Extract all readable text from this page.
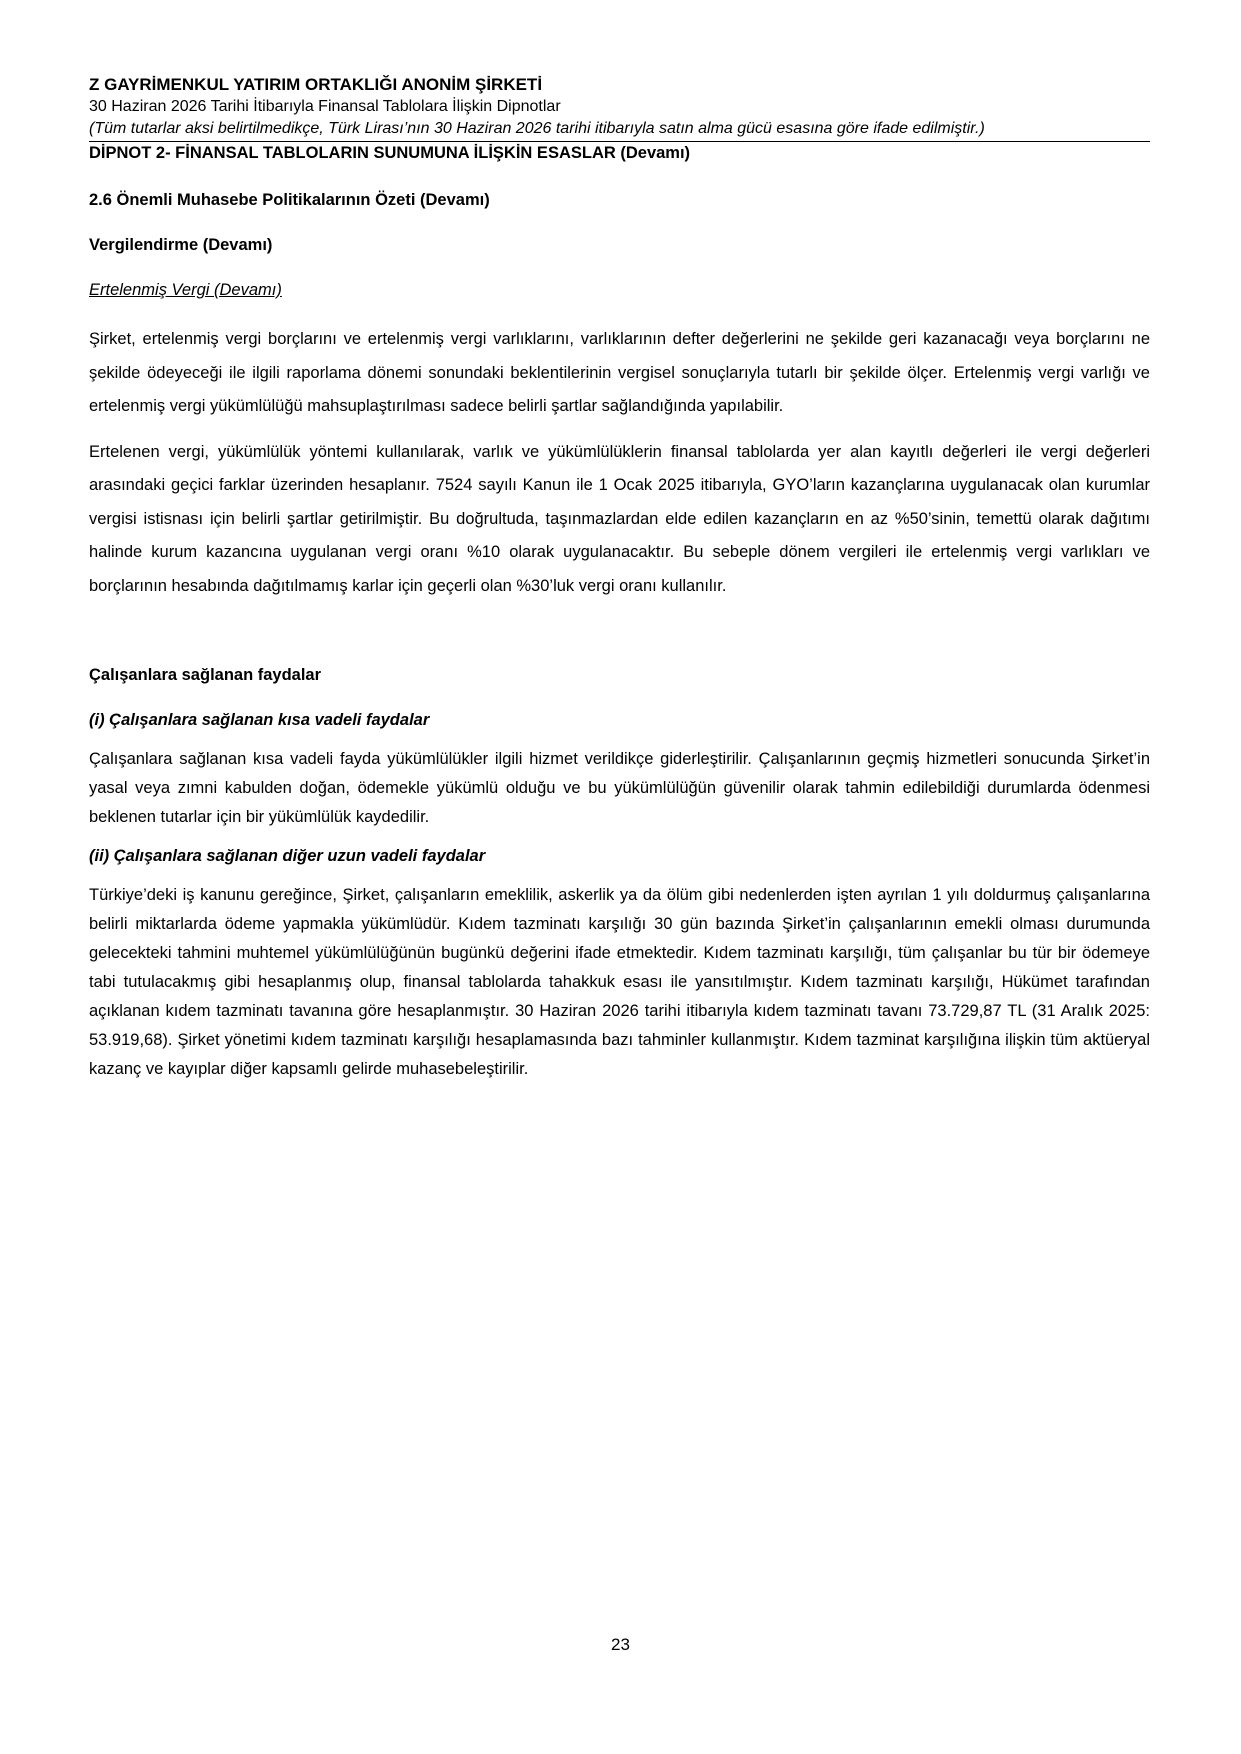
Z GAYRİMENKUL YATIRIM ORTAKLIĞI ANONİM ŞİRKETİ

30 Haziran 2026 Tarihi İtibarıyla Finansal Tablolara İlişkin Dipnotlar

(Tüm tutarlar aksi belirtilmedikçe, Türk Lirası’nın 30 Haziran 2026 tarihi itibarıyla satın alma gücü esasına göre ifade edilmiştir.)

DİPNOT 2- FİNANSAL TABLOLARIN SUNUMUNA İLİŞKİN ESASLAR (Devamı)

2.6 Önemli Muhasebe Politikalarının Özeti (Devamı)

Vergilendirme (Devamı)

Ertelenmiş Vergi (Devamı)

Şirket, ertelenmiş vergi borçlarını ve ertelenmiş vergi varlıklarını, varlıklarının defter değerlerini ne şekilde geri kazanacağı veya borçlarını ne şekilde ödeyeceği ile ilgili raporlama dönemi sonundaki beklentilerinin vergisel sonuçlarıyla tutarlı bir şekilde ölçer. Ertelenmiş vergi varlığı ve ertelenmiş vergi yükümlülüğü mahsuplaştırılması sadece belirli şartlar sağlandığında yapılabilir.

Ertelenen vergi, yükümlülük yöntemi kullanılarak, varlık ve yükümlülüklerin finansal tablolarda yer alan kayıtlı değerleri ile vergi değerleri arasındaki geçici farklar üzerinden hesaplanır. 7524 sayılı Kanun ile 1 Ocak 2025 itibarıyla, GYO’ların kazançlarına uygulanacak olan kurumlar vergisi istisnası için belirli şartlar getirilmiştir. Bu doğrultuda, taşınmazlardan elde edilen kazançların en az %50’sinin, temettü olarak dağıtımı halinde kurum kazancına uygulanan vergi oranı %10 olarak uygulanacaktır. Bu sebeple dönem vergileri ile ertelenmiş vergi varlıkları ve borçlarının hesabında dağıtılmamış karlar için geçerli olan %30’luk vergi oranı kullanılır.

Çalışanlara sağlanan faydalar

(i) Çalışanlara sağlanan kısa vadeli faydalar

Çalışanlara sağlanan kısa vadeli fayda yükümlülükler ilgili hizmet verildikçe giderleştirilir. Çalışanlarının geçmiş hizmetleri sonucunda Şirket’in yasal veya zımni kabulden doğan, ödemekle yükümlü olduğu ve bu yükümlülüğün güvenilir olarak tahmin edilebildiği durumlarda ödenmesi beklenen tutarlar için bir yükümlülük kaydedilir.

(ii) Çalışanlara sağlanan diğer uzun vadeli faydalar

Türkiye’deki iş kanunu gereğince, Şirket, çalışanların emeklilik, askerlik ya da ölüm gibi nedenlerden işten ayrılan 1 yılı doldurmuş çalışanlarına belirli miktarlarda ödeme yapmakla yükümlüdür. Kıdem tazminatı karşılığı 30 gün bazında Şirket’in çalışanlarının emekli olması durumunda gelecekteki tahmini muhtemel yükümlülüğünün bugünkü değerini ifade etmektedir. Kıdem tazminatı karşılığı, tüm çalışanlar bu tür bir ödemeye tabi tutulacakmış gibi hesaplanmış olup, finansal tablolarda tahakkuk esası ile yansıtılmıştır. Kıdem tazminatı karşılığı, Hükümet tarafından açıklanan kıdem tazminatı tavanına göre hesaplanmıştır. 30 Haziran 2026 tarihi itibarıyla kıdem tazminatı tavanı 73.729,87 TL (31 Aralık 2025: 53.919,68). Şirket yönetimi kıdem tazminatı karşılığı hesaplamasında bazı tahminler kullanmıştır. Kıdem tazminat karşılığına ilişkin tüm aktüeryal kazanç ve kayıplar diğer kapsamlı gelirde muhasebeleştirilir.

23
